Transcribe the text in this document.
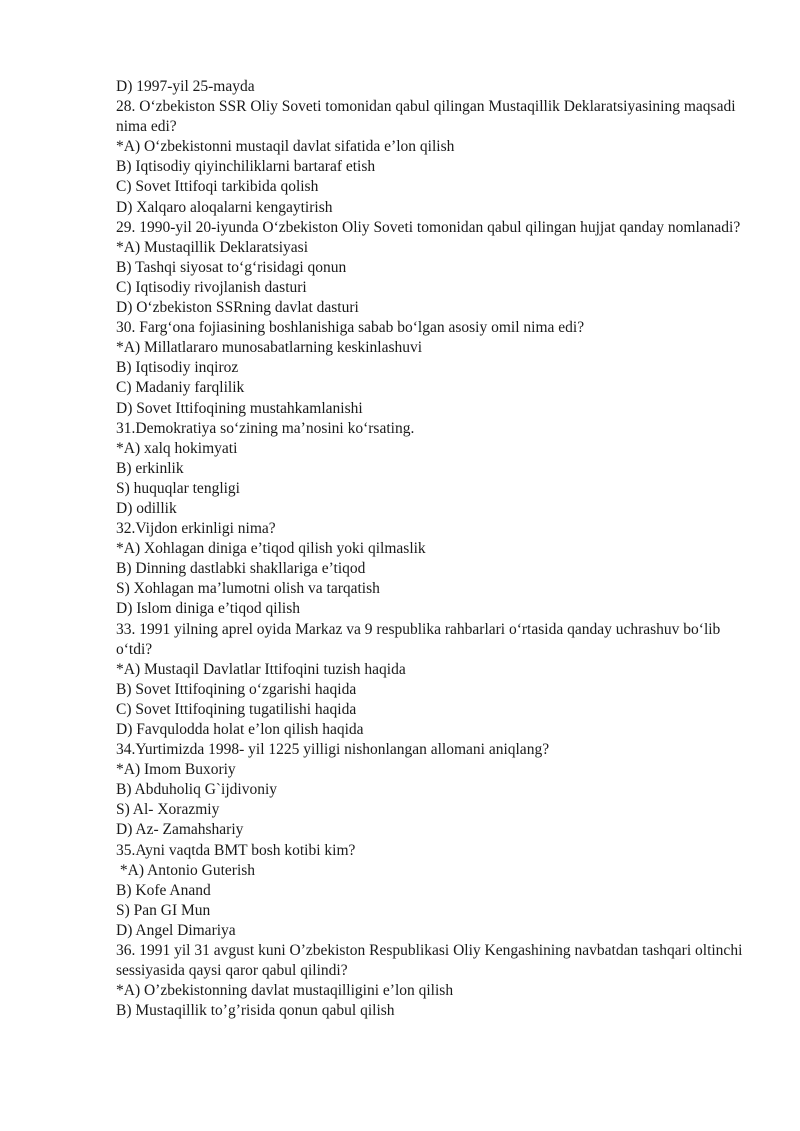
D) 1997-yil 25-mayda

28. O‘zbekiston SSR Oliy Soveti tomonidan qabul qilingan Mustaqillik Deklaratsiyasining maqsadi nima edi?

*A) O‘zbekistonni mustaqil davlat sifatida e’lon qilish

B) Iqtisodiy qiyinchiliklarni bartaraf etish

C) Sovet Ittifoqi tarkibida qolish

D) Xalqaro aloqalarni kengaytirish

29. 1990-yil 20-iyunda O‘zbekiston Oliy Soveti tomonidan qabul qilingan hujjat qanday nomlanadi?

*A) Mustaqillik Deklaratsiyasi

B) Tashqi siyosat to‘g‘risidagi qonun

C) Iqtisodiy rivojlanish dasturi

D) O‘zbekiston SSRning davlat dasturi

30. Farg‘ona fojiasining boshlanishiga sabab bo‘lgan asosiy omil nima edi?

*A) Millatlararo munosabatlarning keskinlashuvi

B) Iqtisodiy inqiroz

C) Madaniy farqlilik

D) Sovet Ittifoqining mustahkamlanishi

31.Demokratiya so‘zining ma’nosini ko‘rsating.

*A) xalq hokimyati

B) erkinlik

S) huquqlar tengligi

D) odillik

32.Vijdon erkinligi nima?

*A) Xohlagan diniga e’tiqod qilish yoki qilmaslik

B) Dinning dastlabki shakllariga e’tiqod

S) Xohlagan ma’lumotni olish va tarqatish

D) Islom diniga e’tiqod qilish

33. 1991 yilning aprel oyida Markaz va 9 respublika rahbarlari o‘rtasida qanday uchrashuv bo‘lib o‘tdi?

*A) Mustaqil Davlatlar Ittifoqini tuzish haqida

B) Sovet Ittifoqining o‘zgarishi haqida

C) Sovet Ittifoqining tugatilishi haqida

D) Favqulodda holat e’lon qilish haqida

34.Yurtimizda 1998- yil 1225 yilligi nishonlangan allomani aniqlang?

*A) Imom Buxoriy

B) Abduholiq G`ijdivoniy

S) Al- Xorazmiy

D) Az- Zamahshariy

35.Ayni vaqtda BMT bosh kotibi kim?

*A) Antonio Guterish

B) Kofe Anand

S) Pan GI Mun

D) Angel Dimariya

36. 1991 yil 31 avgust kuni O’zbekiston Respublikasi Oliy Kengashining navbatdan tashqari oltinchi sessiyasida qaysi qaror qabul qilindi?

*A) O’zbekistonning davlat mustaqilligini e’lon qilish

B) Mustaqillik to’g’risida qonun qabul qilish
